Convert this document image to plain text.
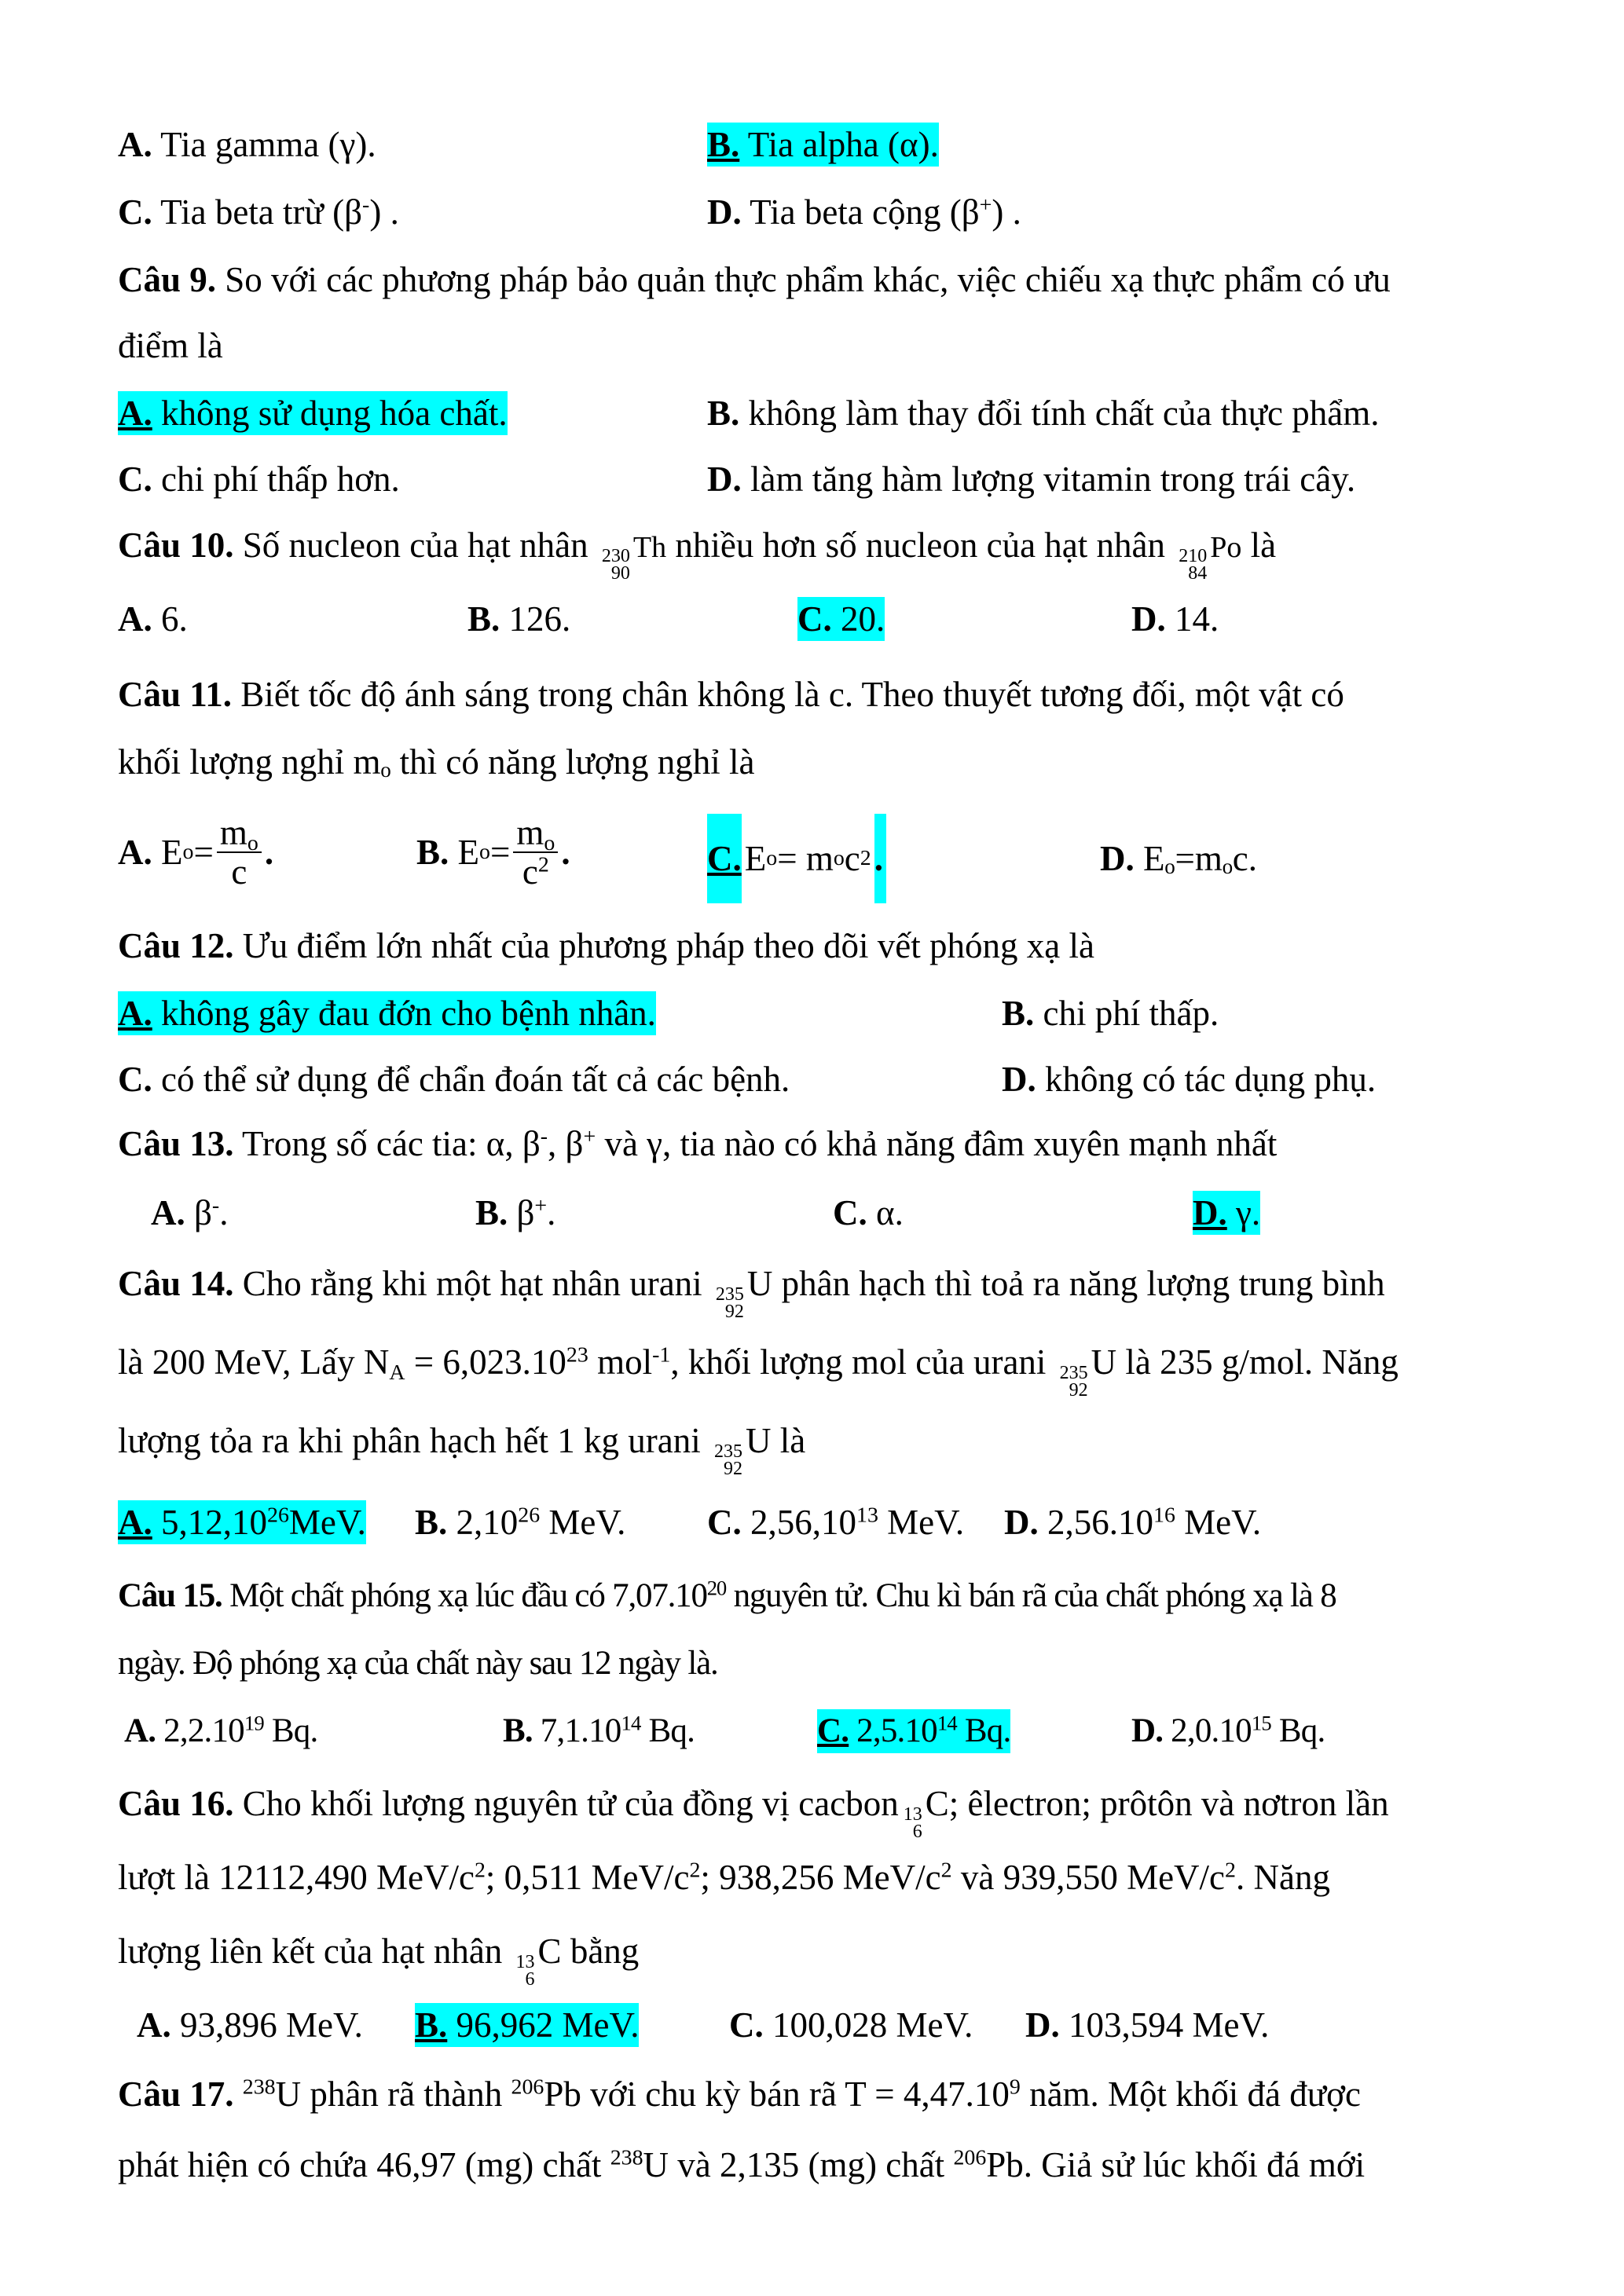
A. Tia gamma (γ).	B. Tia alpha (α).
C. Tia beta trừ (β-) .	D. Tia beta cộng (β+) .
Câu 9. So với các phương pháp bảo quản thực phẩm khác, việc chiếu xạ thực phẩm có ưu
điểm là
A. không sử dụng hóa chất.	B. không làm thay đổi tính chất của thực phẩm.
C. chi phí thấp hơn.	D. làm tăng hàm lượng vitamin trong trái cây.
Câu 10. Số nucleon của hạt nhân 230
90
Th nhiều hơn số nucleon của hạt nhân 210
84
Po là
A. 6.	B. 126.	C. 20.	D. 14.
Câu 11. Biết tốc độ ánh sáng trong chân không là c. Theo thuyết tương đối, một vật có
khối lượng nghỉ mₒ thì có năng lượng nghỉ là
A.
E $o = \frac{m_o}{c}$ .	B.
E $o = \frac{m_o}{c^2}$ .	C. E o = m o c 2 .	D. Eₒ=mₒc.
Câu 12. Ưu điểm lớn nhất của phương pháp theo dõi vết phóng xạ là
A. không gây đau đớn cho bệnh nhân.	B. chi phí thấp.
C. có thể sử dụng để chẩn đoán tất cả các bệnh.	D. không có tác dụng phụ.
Câu 13. Trong số các tia: α, β-, β+ và γ, tia nào có khả năng đâm xuyên mạnh nhất
A. β-.	B. β+.	C. α.	D. γ.
Câu 14. Cho rằng khi một hạt nhân urani 235
92
U phân hạch thì toả ra năng lượng trung bình
là 200 MeV, Lấy $N_A = 6,023.10^{23}$ mol$^{-1}$, khối lượng mol của urani 235
92
U là 235 g/mol. Năng
lượng tỏa ra khi phân hạch hết 1 kg urani 235
92
U là
A. 5,12,10$^{26}$MeV. B. 2,10$^{26}$ MeV. C. 2,56,10$^{13}$ MeV. D. 2,56.10$^{16}$ MeV.
Câu 15. Một chất phóng xạ lúc đầu có 7,07.10$^{20}$ nguyên tử. Chu kì bán rã của chất phóng xạ là 8
ngày. Độ phóng xạ của chất này sau 12 ngày là.
A. 2,2.10$^{19}$ Bq.	B. 7,1.10$^{14}$ Bq.	C. 2,5.10$^{14}$ Bq.	D. 2,0.10$^{15}$ Bq.
Câu 16. Cho khối lượng nguyên tử của đồng vị cacbon 13
6
C; êlectron; prôtôn và nơtron lần
lượt là 12112,490 MeV/$c^2$; 0,511 MeV/$c^2$; 938,256 MeV/$c^2$ và 939,550 MeV/$c^2$. Năng
lượng liên kết của hạt nhân 13
6
C bằng
A. 93,896 MeV. B. 96,962 MeV.	C. 100,028 MeV. D. 103,594 MeV.
Câu 17. $^{238}$U phân rã thành $^{206}$Pb với chu kỳ bán rã $T = 4,47.10^9$ năm. Một khối đá được
phát hiện có chứa 46,97 (mg) chất $^{238}$U và 2,135 (mg) chất $^{206}$Pb. Giả sử lúc khối đá mới
